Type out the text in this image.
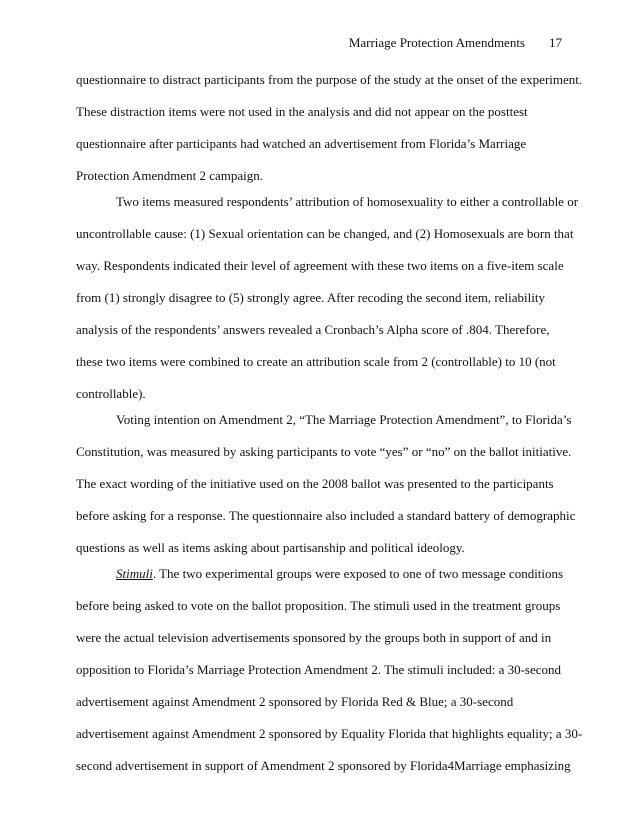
Marriage Protection Amendments 17
questionnaire to distract participants from the purpose of the study at the onset of the experiment.
These distraction items were not used in the analysis and did not appear on the posttest
questionnaire after participants had watched an advertisement from Florida’s Marriage
Protection Amendment 2 campaign.
Two items measured respondents’ attribution of homosexuality to either a controllable or
uncontrollable cause: (1) Sexual orientation can be changed, and (2) Homosexuals are born that
way. Respondents indicated their level of agreement with these two items on a five-item scale
from (1) strongly disagree to (5) strongly agree. After recoding the second item, reliability
analysis of the respondents’ answers revealed a Cronbach’s Alpha score of .804. Therefore,
these two items were combined to create an attribution scale from 2 (controllable) to 10 (not
controllable).
Voting intention on Amendment 2, “The Marriage Protection Amendment”, to Florida’s
Constitution, was measured by asking participants to vote “yes” or “no” on the ballot initiative.
The exact wording of the initiative used on the 2008 ballot was presented to the participants
before asking for a response. The questionnaire also included a standard battery of demographic
questions as well as items asking about partisanship and political ideology.
Stimuli. The two experimental groups were exposed to one of two message conditions
before being asked to vote on the ballot proposition. The stimuli used in the treatment groups
were the actual television advertisements sponsored by the groups both in support of and in
opposition to Florida’s Marriage Protection Amendment 2. The stimuli included: a 30-second
advertisement against Amendment 2 sponsored by Florida Red & Blue; a 30-second
advertisement against Amendment 2 sponsored by Equality Florida that highlights equality; a 30-
second advertisement in support of Amendment 2 sponsored by Florida4Marriage emphasizing
